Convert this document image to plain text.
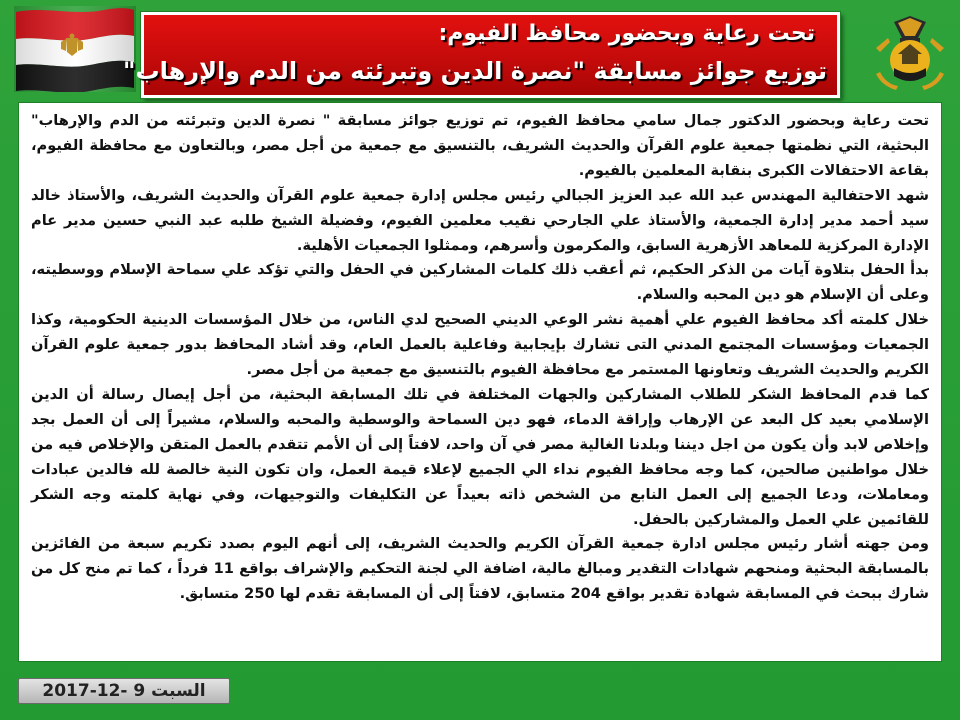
تحت رعاية وبحضور محافظ الفيوم:
توزيع جوائز مسابقة "نصرة الدين وتبرئته من الدم والإرهاب"

تحت رعاية وبحضور الدكتور جمال سامي محافظ الفيوم، تم توزيع جوائز مسابقة " نصرة الدين وتبرئته من الدم والإرهاب" البحثية، التي نظمتها جمعية علوم القرآن والحديث الشريف، بالتنسيق مع جمعية من أجل مصر، وبالتعاون مع محافظة الفيوم، بقاعة الاحتفالات الكبرى بنقابة المعلمين بالفيوم.

شهد الاحتفالية المهندس عبد الله عبد العزيز الجبالي رئيس مجلس إدارة جمعية علوم القرآن والحديث الشريف، والأستاذ خالد سيد أحمد مدير إدارة الجمعية، والأستاذ علي الجارحي نقيب معلمين الفيوم، وفضيلة الشيخ طلبه عبد النبي حسين مدير عام الإدارة المركزية للمعاهد الأزهرية السابق، والمكرمون وأسرهم، وممثلوا الجمعيات الأهلية.

بدأ الحفل بتلاوة آيات من الذكر الحكيم، ثم أعقب ذلك كلمات المشاركين في الحفل والتي تؤكد علي سماحة الإسلام ووسطيته، وعلى أن الإسلام هو دين المحبه والسلام.

خلال كلمته أكد محافظ الفيوم علي أهمية نشر الوعي الديني الصحيح لدي الناس، من خلال المؤسسات الدينية الحكومية، وكذا الجمعيات ومؤسسات المجتمع المدني التى تشارك بإيجابية وفاعلية بالعمل العام، وقد أشاد المحافظ بدور جمعية علوم القرآن الكريم والحديث الشريف وتعاونها المستمر مع محافظة الفيوم بالتنسيق مع جمعية من أجل مصر.

كما قدم المحافظ الشكر للطلاب المشاركين والجهات المختلفة في تلك المسابقة البحثية، من أجل إيصال رسالة أن الدين الإسلامي بعيد كل البعد عن الإرهاب وإراقة الدماء، فهو دين السماحة والوسطية والمحبه والسلام، مشيراً إلى أن العمل بجد وإخلاص لابد وأن يكون من اجل ديننا وبلدنا الغالية مصر في آن واحد، لافتاً إلى أن الأمم تتقدم بالعمل المتقن والإخلاص فيه من خلال مواطنين صالحين، كما وجه محافظ الفيوم نداء الي الجميع لإعلاء قيمة العمل، وان تكون النية خالصة لله فالدين عبادات ومعاملات، ودعا الجميع إلى العمل النابع من الشخص ذاته بعيداً عن التكليفات والتوجيهات، وفي نهاية كلمته وجه الشكر للقائمين علي العمل والمشاركين بالحفل.

ومن جهته أشار رئيس مجلس ادارة جمعية القرآن الكريم والحديث الشريف، إلى أنهم اليوم بصدد تكريم سبعة من الفائزين بالمسابقة البحثية ومنحهم شهادات التقدير ومبالغ مالية، اضافة الي لجنة التحكيم والإشراف بواقع 11 فرداً ، كما تم منح كل من شارك ببحث في المسابقة شهادة تقدير بواقع 204 متسابق، لافتاً إلى أن المسابقة تقدم لها 250 متسابق.

السبت 9 -12-2017
